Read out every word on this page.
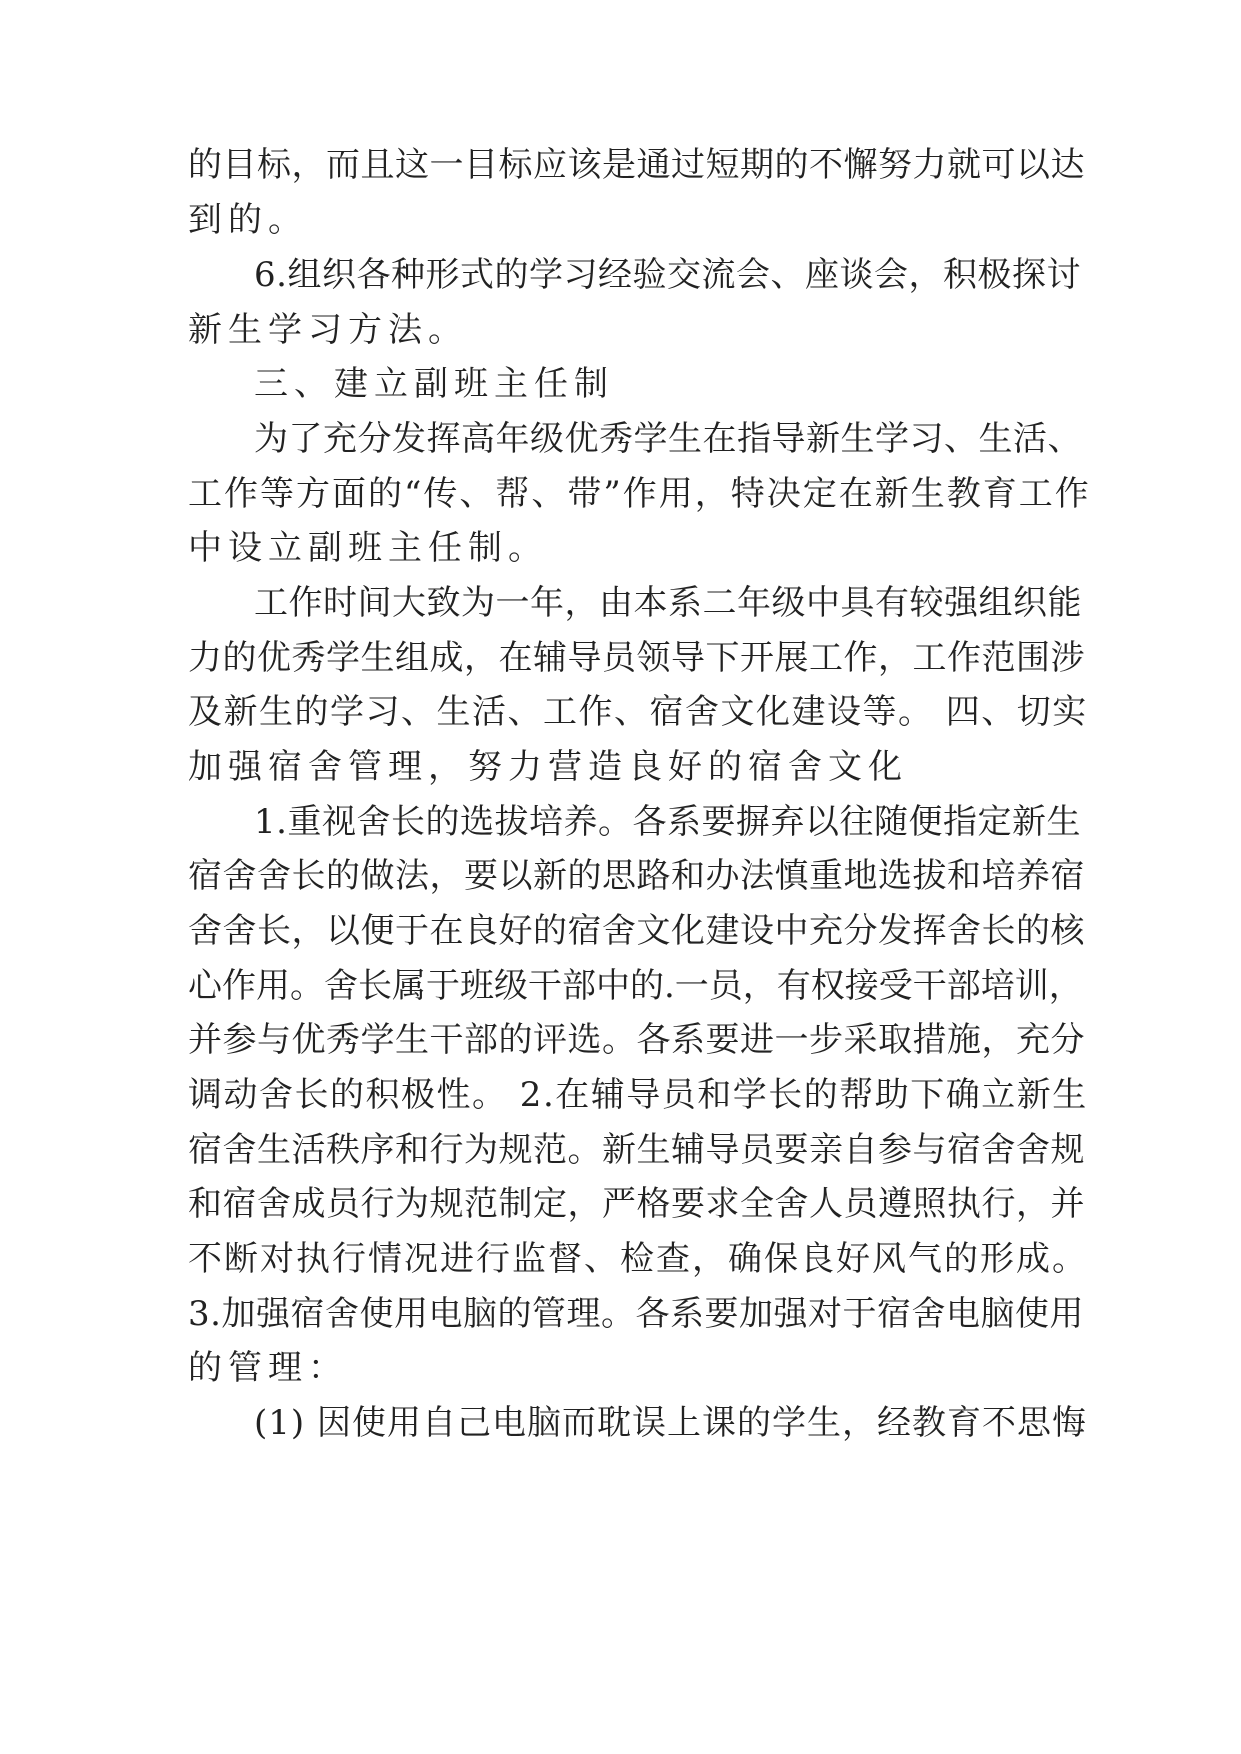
的目标，而且这一目标应该是通过短期的不懈努力就可以达

到的。

6.组织各种形式的学习经验交流会、座谈会，积极探讨

新生学习方法。

三、建立副班主任制

为了充分发挥高年级优秀学生在指导新生学习、生活、

工作等方面的“传、帮、带”作用，特决定在新生教育工作

中设立副班主任制。

工作时间大致为一年，由本系二年级中具有较强组织能

力的优秀学生组成，在辅导员领导下开展工作，工作范围涉

及新生的学习、生活、工作、宿舍文化建设等。 四、切实

加强宿舍管理，努力营造良好的宿舍文化

1.重视舍长的选拔培养。各系要摒弃以往随便指定新生

宿舍舍长的做法，要以新的思路和办法慎重地选拔和培养宿

舍舍长，以便于在良好的宿舍文化建设中充分发挥舍长的核

心作用。舍长属于班级干部中的.一员，有权接受干部培训，

并参与优秀学生干部的评选。各系要进一步采取措施，充分

调动舍长的积极性。 2.在辅导员和学长的帮助下确立新生

宿舍生活秩序和行为规范。新生辅导员要亲自参与宿舍舍规

和宿舍成员行为规范制定，严格要求全舍人员遵照执行，并

不断对执行情况进行监督、检查，确保良好风气的形成。

3.加强宿舍使用电脑的管理。各系要加强对于宿舍电脑使用

的管理：

(1) 因使用自己电脑而耽误上课的学生，经教育不思悔
